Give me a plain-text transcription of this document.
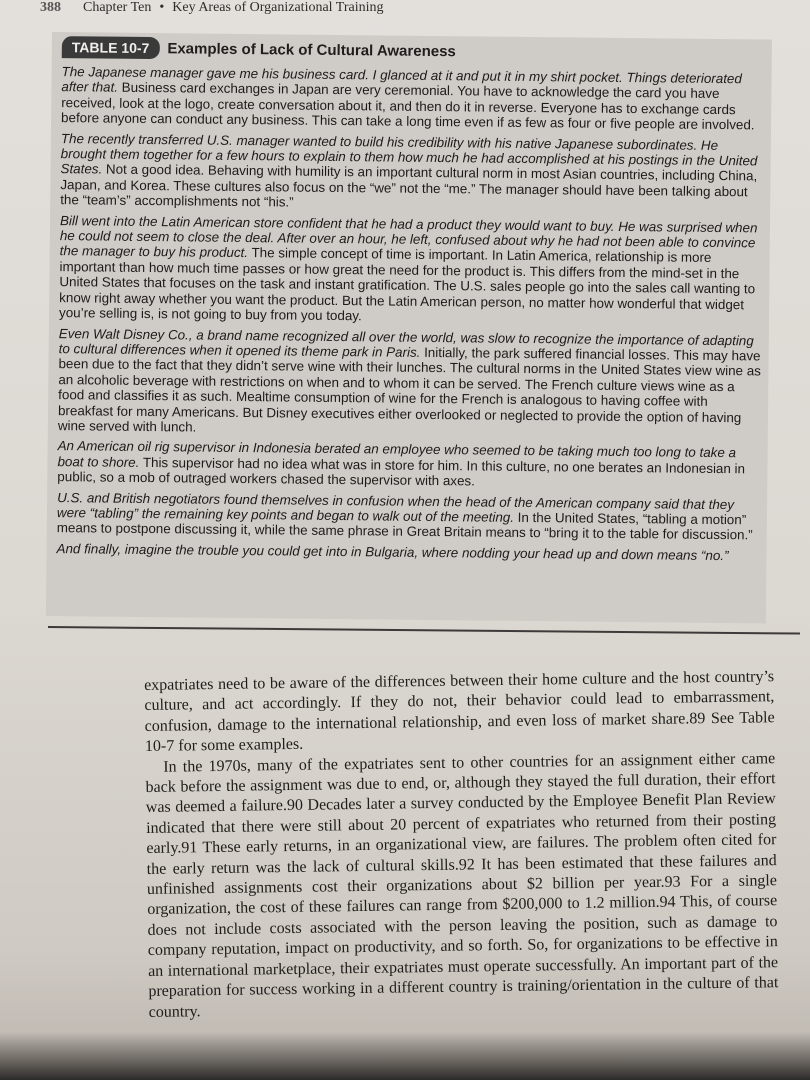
388 Chapter Ten • Key Areas of Organizational Training
TABLE 10-7 Examples of Lack of Cultural Awareness

The Japanese manager gave me his business card. I glanced at it and put it in my shirt pocket. Things deteriorated after that. Business card exchanges in Japan are very ceremonial. You have to acknowledge the card you have received, look at the logo, create conversation about it, and then do it in reverse. Everyone has to exchange cards before anyone can conduct any business. This can take a long time even if as few as four or five people are involved.

The recently transferred U.S. manager wanted to build his credibility with his native Japanese subordinates. He brought them together for a few hours to explain to them how much he had accomplished at his postings in the United States. Not a good idea. Behaving with humility is an important cultural norm in most Asian countries, including China, Japan, and Korea. These cultures also focus on the “we” not the “me.” The manager should have been talking about the “team’s” accomplishments not “his.”

Bill went into the Latin American store confident that he had a product they would want to buy. He was surprised when he could not seem to close the deal. After over an hour, he left, confused about why he had not been able to convince the manager to buy his product. The simple concept of time is important. In Latin America, relationship is more important than how much time passes or how great the need for the product is. This differs from the mind-set in the United States that focuses on the task and instant gratification. The U.S. sales people go into the sales call wanting to know right away whether you want the product. But the Latin American person, no matter how wonderful that widget you’re selling is, is not going to buy from you today.

Even Walt Disney Co., a brand name recognized all over the world, was slow to recognize the importance of adapting to cultural differences when it opened its theme park in Paris. Initially, the park suffered financial losses. This may have been due to the fact that they didn’t serve wine with their lunches. The cultural norms in the United States view wine as an alcoholic beverage with restrictions on when and to whom it can be served. The French culture views wine as a food and classifies it as such. Mealtime consumption of wine for the French is analogous to having coffee with breakfast for many Americans. But Disney executives either overlooked or neglected to provide the option of having wine served with lunch.

An American oil rig supervisor in Indonesia berated an employee who seemed to be taking much too long to take a boat to shore. This supervisor had no idea what was in store for him. In this culture, no one berates an Indonesian in public, so a mob of outraged workers chased the supervisor with axes.

U.S. and British negotiators found themselves in confusion when the head of the American company said that they were “tabling” the remaining key points and began to walk out of the meeting. In the United States, “tabling a motion” means to postpone discussing it, while the same phrase in Great Britain means to “bring it to the table for discussion.”

And finally, imagine the trouble you could get into in Bulgaria, where nodding your head up and down means “no.”

expatriates need to be aware of the differences between their home culture and the host country’s culture, and act accordingly. If they do not, their behavior could lead to embarrassment, confusion, damage to the international relationship, and even loss of market share.89 See Table 10-7 for some examples.

In the 1970s, many of the expatriates sent to other countries for an assignment either came back before the assignment was due to end, or, although they stayed the full duration, their effort was deemed a failure.90 Decades later a survey conducted by the Employee Benefit Plan Review indicated that there were still about 20 percent of expatriates who returned from their posting early.91 These early returns, in an organizational view, are failures. The problem often cited for the early return was the lack of cultural skills.92 It has been estimated that these failures and unfinished assignments cost their organizations about $2 billion per year.93 For a single organization, the cost of these failures can range from $200,000 to 1.2 million.94 This, of course does not include costs associated with the person leaving the position, such as damage to company reputation, impact on productivity, and so forth. So, for organizations to be effective in an international marketplace, their expatriates must operate successfully. An important part of the preparation for success working in a different country is training/orientation in the culture of that country.
